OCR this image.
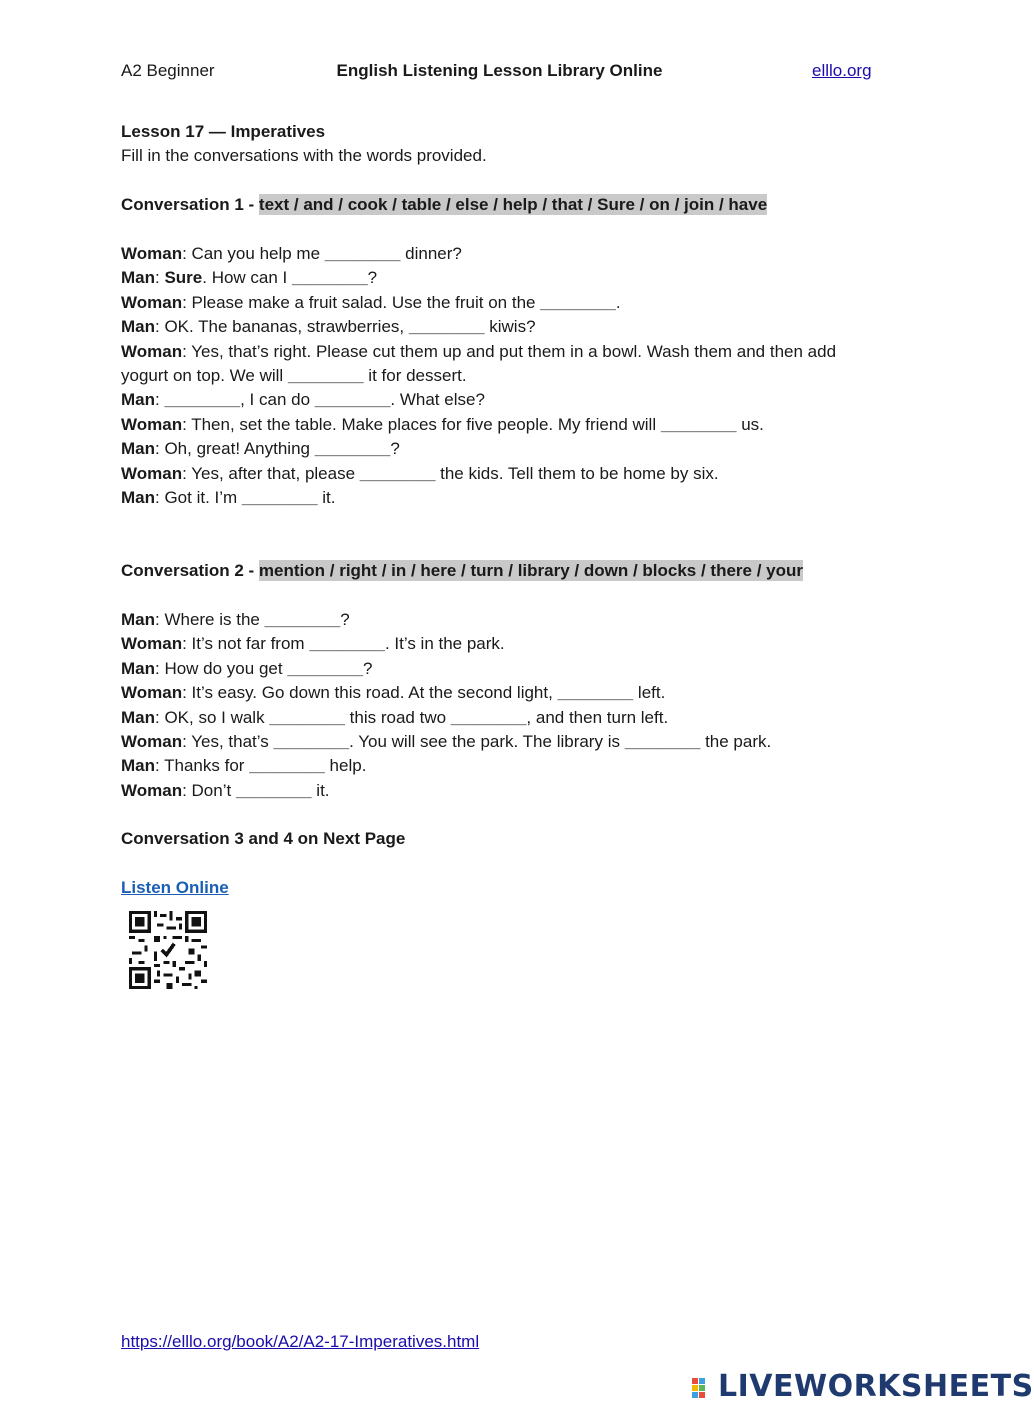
A2 Beginner	English Listening Lesson Library Online	elllo.org
Lesson 17 — Imperatives
Fill in the conversations with the words provided.
Conversation 1 - text / and / cook / table / else / help / that / Sure / on / join / have

Woman: Can you help me ________ dinner?

Man: Sure. How can I ________?

Woman: Please make a fruit salad. Use the fruit on the ________.

Man: OK. The bananas, strawberries, ________ kiwis?

Woman: Yes, that’s right. Please cut them up and put them in a bowl. Wash them and then add yogurt on top. We will ________ it for dessert.

Man: ________, I can do ________. What else?

Woman: Then, set the table. Make places for five people. My friend will ________ us.

Man: Oh, great! Anything ________?

Woman: Yes, after that, please ________ the kids. Tell them to be home by six.

Man: Got it. I’m ________ it.

Conversation 2 - mention / right / in / here / turn / library / down / blocks / there / your

Man: Where is the ________?

Woman: It’s not far from ________. It’s in the park.

Man: How do you get ________?

Woman: It’s easy. Go down this road. At the second light, ________ left.

Man: OK, so I walk ________ this road two ________, and then turn left.

Woman: Yes, that’s ________. You will see the park. The library is ________ the park.

Man: Thanks for ________ help.

Woman: Don’t ________ it.

Conversation 3 and 4 on Next Page
Listen Online
https://elllo.org/book/A2/A2-17-Imperatives.html
LIVEWORKSHEETS
